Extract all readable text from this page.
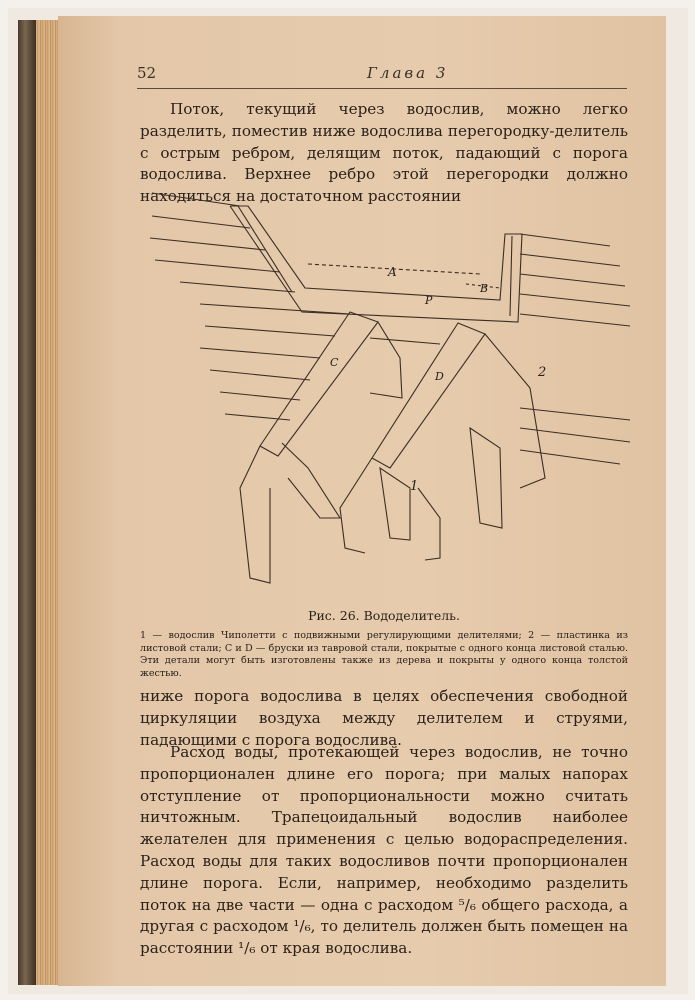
52	Глава 3

Поток, текущий через водослив, можно легко разделить, поместив ниже водослива перегородку-делитель с острым ребром, делящим поток, падающий с порога водослива. Верхнее ребро этой перегородки должно находиться на достаточном расстоянии

A
B
P
C
D
1
2
Рис. 26. Вододелитель.

1 — водослив Чиполетти с подвижными регулирующими делителями; 2 — пластинка из листовой стали; C и D — бруски из тавровой стали, покрытые с одного конца листовой сталью. Эти детали могут быть изготовлены также из дерева и покрыты у одного конца толстой жестью.

ниже порога водослива в целях обеспечения свободной циркуляции воздуха между делителем и струями, падающими с порога водослива.

Расход воды, протекающей через водослив, не точно пропорционален длине его порога; при малых напорах отступление от пропорциональности можно считать ничтожным. Трапецоидальный водослив наиболее желателен для применения с целью водораспределения. Расход воды для таких водосливов почти пропорционален длине порога. Если, например, необходимо разделить поток на две части — одна с расходом ⁵/₆ общего расхода, а другая с расходом ¹/₆, то делитель должен быть помещен на расстоянии ¹/₆ от края водослива.
